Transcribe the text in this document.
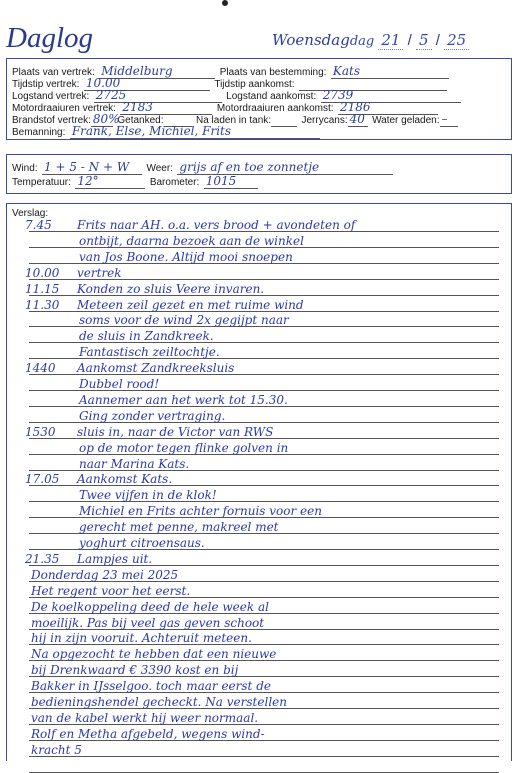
Daglog	Woensdagdag 21 / 5 / 25
Plaats van vertrek: Middelburg	Plaats van bestemming: Kats
Tijdstip vertrek: 10.00	Tijdstip aankomst:
Logstand vertrek: 2725	Logstand aankomst: 2739
Motordraaiuren vertrek: 2183	Motordraaiuren aankomst: 2186
Brandstof vertrek: 80%
Getanked:	Na laden in tank:	Jerrycans: 40 Water geladen: –
Bemanning: Frank, Else, Michiel, Frits
Wind: 1 + 5 - N + W Weer: grijs af en toe zonnetje
Temperatuur: 12°	Barometer: 1015
Verslag:
7.45 Frits naar AH. o.a. vers brood + avondeten of
ontbijt, daarna bezoek aan de winkel
van Jos Boone. Altijd mooi snoepen
10.00 vertrek
11.15 Konden zo sluis Veere invaren.
11.30 Meteen zeil gezet en met ruime wind
soms voor de wind 2x gegijpt naar
de sluis in Zandkreek.
Fantastisch zeiltochtje.
1440 Aankomst Zandkreeksluis
Dubbel rood!
Aannemer aan het werk tot 15.30.
Ging zonder vertraging.
1530 sluis in, naar de Victor van RWS
op de motor tegen flinke golven in
naar Marina Kats.
17.05 Aankomst Kats.
Twee vijfen in de klok!
Michiel en Frits achter fornuis voor een
gerecht met penne, makreel met
yoghurt citroensaus.
21.35 Lampjes uit.
Donderdag 23 mei 2025
Het regent voor het eerst.
De koelkoppeling deed de hele week al
moeilijk. Pas bij veel gas geven schoot
hij in zijn vooruit. Achteruit meteen.
Na opgezocht te hebben dat een nieuwe
bij Drenkwaard € 3390 kost en bij
Bakker in IJsselgoo. toch maar eerst de
bedieningshendel gecheckt. Na verstellen
van de kabel werkt hij weer normaal.
Rolf en Metha afgebeld, wegens wind-
kracht 5
